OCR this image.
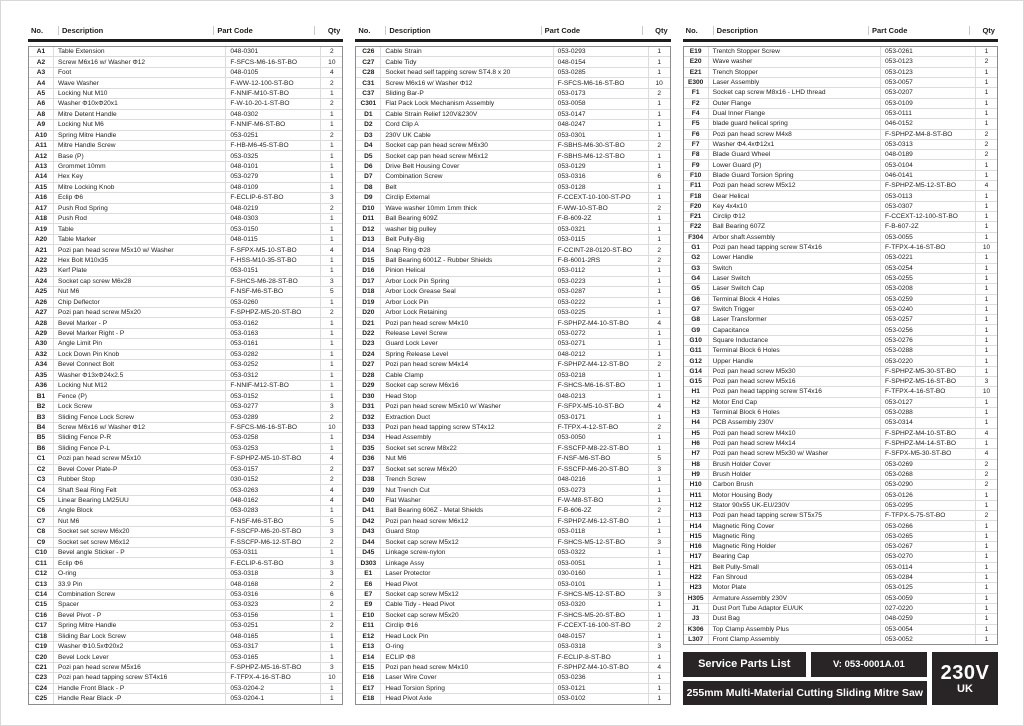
No.	Description	Part Code	Qty
A1	Table Extension	048-0301	2
A2	Screw M6x16 w/ Washer Φ12	F-SFCS-M6-16-ST-BO	10
A3	Foot	048-0105	4
A4	Wave Washer	F-WW-12-100-ST-BO	2
A5	Locking Nut M10	F-NNIF-M10-ST-BO	1
A6	Washer Φ10xΦ20x1	F-W-10-20-1-ST-BO	2
A8	Mitre Detent Handle	048-0302	1
A9	Locking Nut M6	F-NNIF-M6-ST-BO	1
A10	Spring Mitre Handle	053-0251	2
A11	Mitre Handle Screw	F-HB-M6-45-ST-BO	1
A12	Base (P)	053-0325	1
A13	Grommet 10mm	048-0101	1
A14	Hex Key	053-0279	1
A15	Mitre Locking Knob	048-0109	1
A16	Eclip Φ6	F-ECLIP-6-ST-BO	3
A17	Push Rod Spring	048-0219	2
A18	Push Rod	048-0303	1
A19	Table	053-0150	1
A20	Table Marker	048-0115	1
A21	Pozi pan head screw M5x10 w/ Washer	F-SFPX-M5-10-ST-BO	4
A22	Hex Bolt M10x35	F-HSS-M10-35-ST-BO	1
A23	Kerf Plate	053-0151	1
A24	Socket cap screw M6x28	F-SHCS-M6-28-ST-BO	3
A25	Nut M6	F-NSF-M6-ST-BO	5
A26	Chip Deflector	053-0260	1
A27	Pozi pan head screw M5x20	F-SPHPZ-M5-20-ST-BO	2
A28	Bevel Marker - P	053-0162	1
A29	Bevel Marker Right - P	053-0163	1
A30	Angle Limit Pin	053-0161	1
A32	Lock Down Pin Knob	053-0282	1
A34	Bevel Connect Bolt	053-0252	1
A35	Washer Φ13xΦ24x2.5	053-0312	1
A36	Locking Nut M12	F-NNIF-M12-ST-BO	1
B1	Fence (P)	053-0152	1
B2	Lock Screw	053-0277	3
B3	Sliding Fence Lock Screw	053-0289	2
B4	Screw M6x16 w/ Washer Φ12	F-SFCS-M6-16-ST-BO	10
B5	Sliding Fence P-R	053-0258	1
B6	Sliding Fence P-L	053-0253	1
C1	Pozi pan head screw M5x10	F-SPHPZ-M5-10-ST-BO	4
C2	Bevel Cover Plate-P	053-0157	2
C3	Rubber Stop	030-0152	2
C4	Shaft Seal Ring Felt	053-0263	4
C5	Linear Bearing LM25UU	048-0162	4
C6	Angle Block	053-0283	1
C7	Nut M6	F-NSF-M6-ST-BO	5
C8	Socket set screw M6x20	F-SSCFP-M6-20-ST-BO	3
C9	Socket set screw M6x12	F-SSCFP-M6-12-ST-BO	2
C10	Bevel angle Sticker - P	053-0311	1
C11	Eclip Φ6	F-ECLIP-6-ST-BO	3
C12	O-ring	053-0318	3
C13	33.9 Pin	048-0168	2
C14	Combination Screw	053-0316	6
C15	Spacer	053-0323	2
C16	Bevel Pivot - P	053-0156	1
C17	Spring Mitre Handle	053-0251	2
C18	Sliding Bar Lock Screw	048-0165	1
C19	Washer Φ10.5xΦ20x2	053-0317	1
C20	Bevel Lock Lever	053-0165	1
C21	Pozi pan head screw M5x16	F-SPHPZ-M5-16-ST-BO	3
C23	Pozi pan head tapping screw ST4x16	F-TFPX-4-16-ST-BO	10
C24	Handle Front Black - P	053-0204-2	1
C25	Handle Rear Black -P	053-0204-1	1
No.	Description	Part Code	Qty
C26	Cable Strain	053-0293	1
C27	Cable Tidy	048-0154	1
C28	Socket head self tapping screw ST4.8 x 20	053-0285	1
C31	Screw M6x16 w/ Washer Φ12	F-SFCS-M6-16-ST-BO	10
C37	Sliding Bar-P	053-0173	2
C301	Flat Pack Lock Mechanism Assembly	053-0058	1
D1	Cable Strain Relief 120V&230V	053-0147	1
D2	Cord Clip A	048-0247	1
D3	230V UK Cable	053-0301	1
D4	Socket cap pan head screw M6x30	F-SBHS-M6-30-ST-BO	2
D5	Socket cap pan head screw M6x12	F-SBHS-M6-12-ST-BO	1
D6	Drive Belt Housing Cover	053-0129	1
D7	Combination Screw	053-0316	6
D8	Belt	053-0128	1
D9	Circlip External	F-CCEXT-10-100-ST-PO	1
D10	Wave washer 10mm 1mm thick	F-WW-10-ST-BO	2
D11	Ball Bearing 609Z	F-B-609-2Z	1
D12	washer big pulley	053-0321	1
D13	Belt Pully-Big	053-0115	1
D14	Snap Ring Φ28	F-CCINT-28-0120-ST-BO	2
D15	Ball Bearing 6001Z - Rubber Shields	F-B-6001-2RS	2
D16	Pinion Helical	053-0112	1
D17	Arbor Lock Pin Spring	053-0223	1
D18	Arbor Lock Grease Seal	053-0287	1
D19	Arbor Lock Pin	053-0222	1
D20	Arbor Lock Retaining	053-0225	1
D21	Pozi pan head screw M4x10	F-SPHPZ-M4-10-ST-BO	4
D22	Release Level Screw	053-0272	1
D23	Guard Lock Lever	053-0271	1
D24	Spring Release Level	048-0212	1
D27	Pozi pan head screw M4x14	F-SPHPZ-M4-12-ST-BO	2
D28	Cable Clamp	053-0218	1
D29	Socket cap screw M6x16	F-SHCS-M6-16-ST-BO	1
D30	Head Stop	048-0213	1
D31	Pozi pan head screw M5x10 w/ Washer	F-SFPX-M5-10-ST-BO	4
D32	Extraction Duct	053-0171	1
D33	Pozi pan head tapping screw ST4x12	F-TFPX-4-12-ST-BO	2
D34	Head Assembly	053-0050	1
D35	Socket set screw M8x22	F-SSCFP-M8-22-ST-BO	1
D36	Nut M6	F-NSF-M6-ST-BO	5
D37	Socket set screw M6x20	F-SSCFP-M6-20-ST-BO	3
D38	Trench Screw	048-0216	1
D39	Nut Trench Cut	053-0273	1
D40	Flat Washer	F-W-M8-ST-BO	1
D41	Ball Bearing 606Z - Metal Shields	F-B-606-2Z	2
D42	Pozi pan head screw M6x12	F-SPHPZ-M6-12-ST-BO	1
D43	Guard Stop	053-0118	1
D44	Socket cap screw M5x12	F-SHCS-M5-12-ST-BO	3
D45	Linkage screw-nylon	053-0322	1
D303	Linkage Assy	053-0051	1
E1	Laser Protector	030-0160	1
E6	Head Pivot	053-0101	1
E7	Socket cap screw M5x12	F-SHCS-M5-12-ST-BO	3
E9	Cable Tidy - Head Pivot	053-0320	1
E10	Socket cap screw M5x20	F-SHCS-M5-20-ST-BO	1
E11	Circlip Φ16	F-CCEXT-16-100-ST-BO	2
E12	Head Lock Pin	048-0157	1
E13	O-ring	053-0318	3
E14	ECLIP Φ8	F-ECLIP-8-ST-BO	1
E15	Pozi pan head screw M4x10	F-SPHPZ-M4-10-ST-BO	4
E16	Laser Wire Cover	053-0236	1
E17	Head Torsion Spring	053-0121	1
E18	Head Pivot Axle	053-0102	1
No.	Description	Part Code	Qty
E19	Trentch Stopper Screw	053-0261	1
E20	Wave washer	053-0123	2
E21	Trench Stopper	053-0123	1
E300	Laser Assembly	053-0057	1
F1	Socket cap screw M8x16 - LHD thread	053-0207	1
F2	Outer Flange	053-0109	1
F4	Dual Inner Flange	053-0111	1
F5	blade guard helical spring	046-0152	1
F6	Pozi pan head screw M4x8	F-SPHPZ-M4-8-ST-BO	2
F7	Washer Φ4.4xΦ12x1	053-0313	2
F8	Blade Guard Wheel	048-0189	2
F9	Lower Guard (P)	053-0104	1
F10	Blade Guard Torsion Spring	046-0141	1
F11	Pozi pan head screw M5x12	F-SPHPZ-M5-12-ST-BO	4
F18	Gear Helical	053-0113	1
F20	Key 4x4x10	053-0307	1
F21	Circlip Φ12	F-CCEXT-12-100-ST-BO	1
F22	Ball Bearing 607Z	F-B-607-2Z	1
F304	Arbor shaft Assembly	053-0055	1
G1	Pozi pan head tapping screw ST4x16	F-TFPX-4-16-ST-BO	10
G2	Lower Handle	053-0221	1
G3	Switch	053-0254	1
G4	Laser Switch	053-0255	1
G5	Laser Switch Cap	053-0208	1
G6	Terminal Block 4 Holes	053-0259	1
G7	Switch Trigger	053-0240	1
G8	Laser Transformer	053-0257	1
G9	Capacitance	053-0256	1
G10	Square Inductance	053-0276	1
G11	Terminal Block 6 Holes	053-0288	1
G12	Upper Handle	053-0220	1
G14	Pozi pan head screw M5x30	F-SPHPZ-M5-30-ST-BO	1
G15	Pozi pan head screw M5x16	F-SPHPZ-M5-16-ST-BO	3
H1	Pozi pan head tapping screw ST4x16	F-TFPX-4-16-ST-BO	10
H2	Motor End Cap	053-0127	1
H3	Terminal Block 6 Holes	053-0288	1
H4	PCB Assembly 230V	053-0314	1
H5	Pozi pan head screw M4x10	F-SPHPZ-M4-10-ST-BO	4
H6	Pozi pan head screw M4x14	F-SPHPZ-M4-14-ST-BO	1
H7	Pozi pan head screw M5x30 w/ Washer	F-SFPX-M5-30-ST-BO	4
H8	Brush Holder Cover	053-0269	2
H9	Brush Holder	053-0268	2
H10	Carbon Brush	053-0290	2
H11	Motor Housing Body	053-0126	1
H12	Stator 90x55 UK-EU/230V	053-0295	1
H13	Pozi pan head tapping screw ST5x75	F-TFPX-5-75-ST-BO	2
H14	Magnetic Ring Cover	053-0266	1
H15	Magnetic Ring	053-0265	1
H16	Magnetic Ring Holder	053-0267	1
H17	Bearing Cap	053-0270	1
H21	Belt Pully-Small	053-0114	1
H22	Fan Shroud	053-0284	1
H23	Motor Plate	053-0125	1
H305	Armature Assembly 230V	053-0059	1
J1	Dust Port Tube Adaptor EU/UK	027-0220	1
J3	Dust Bag	048-0259	1
K306	Top Clamp Assembly Plus	053-0054	1
L307	Front Clamp Assembly	053-0052	1
Service Parts List	V: 053-0001A.01
255mm Multi-Material Cutting Sliding Mitre Saw
230V
UK
